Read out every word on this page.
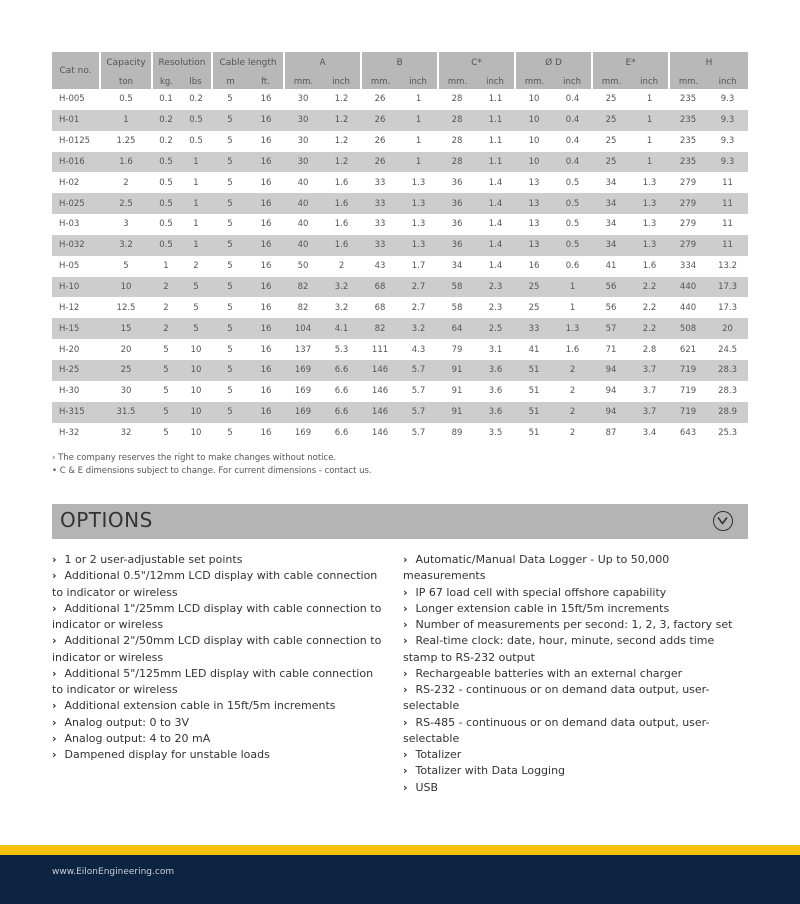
Cat no.	Capacity	Resolution		Cable length		A		B		C*		Ø D		E*		H	
	ton	kg.	lbs	m	ft.	mm.	inch	mm.	inch	mm.	inch	mm.	inch	mm.	inch	mm.	inch
H-005	0.5	0.1	0.2	5	16	30	1.2	26	1	28	1.1	10	0.4	25	1	235	9.3
H-01	1	0.2	0.5	5	16	30	1.2	26	1	28	1.1	10	0.4	25	1	235	9.3
H-0125	1.25	0.2	0.5	5	16	30	1.2	26	1	28	1.1	10	0.4	25	1	235	9.3
H-016	1.6	0.5	1	5	16	30	1.2	26	1	28	1.1	10	0.4	25	1	235	9.3
H-02	2	0.5	1	5	16	40	1.6	33	1.3	36	1.4	13	0.5	34	1.3	279	11
H-025	2.5	0.5	1	5	16	40	1.6	33	1.3	36	1.4	13	0.5	34	1.3	279	11
H-03	3	0.5	1	5	16	40	1.6	33	1.3	36	1.4	13	0.5	34	1.3	279	11
H-032	3.2	0.5	1	5	16	40	1.6	33	1.3	36	1.4	13	0.5	34	1.3	279	11
H-05	5	1	2	5	16	50	2	43	1.7	34	1.4	16	0.6	41	1.6	334	13.2
H-10	10	2	5	5	16	82	3.2	68	2.7	58	2.3	25	1	56	2.2	440	17.3
H-12	12.5	2	5	5	16	82	3.2	68	2.7	58	2.3	25	1	56	2.2	440	17.3
H-15	15	2	5	5	16	104	4.1	82	3.2	64	2.5	33	1.3	57	2.2	508	20
H-20	20	5	10	5	16	137	5.3	111	4.3	79	3.1	41	1.6	71	2.8	621	24.5
H-25	25	5	10	5	16	169	6.6	146	5.7	91	3.6	51	2	94	3.7	719	28.3
H-30	30	5	10	5	16	169	6.6	146	5.7	91	3.6	51	2	94	3.7	719	28.3
H-315	31.5	5	10	5	16	169	6.6	146	5.7	91	3.6	51	2	94	3.7	719	28.9
H-32	32	5	10	5	16	169	6.6	146	5.7	89	3.5	51	2	87	3.4	643	25.3

› The company reserves the right to make changes without notice.

• C & E dimensions subject to change. For current dimensions - contact us.

OPTIONS
› 1 or 2 user-adjustable set points
› Additional 0.5"/12mm LCD display with cable connection to indicator or wireless
› Additional 1"/25mm LCD display with cable connection to indicator or wireless
› Additional 2"/50mm LCD display with cable connection to indicator or wireless
› Additional 5"/125mm LED display with cable connection to indicator or wireless
› Additional extension cable in 15ft/5m increments
› Analog output: 0 to 3V
› Analog output: 4 to 20 mA
› Dampened display for unstable loads
› Automatic/Manual Data Logger - Up to 50,000 measurements
› IP 67 load cell with special offshore capability
› Longer extension cable in 15ft/5m increments
› Number of measurements per second: 1, 2, 3, factory set
› Real-time clock: date, hour, minute, second adds time stamp to RS-232 output
› Rechargeable batteries with an external charger
› RS-232 - continuous or on demand data output, user-selectable
› RS-485 - continuous or on demand data output, user-selectable
› Totalizer
› Totalizer with Data Logging
› USB
www.EilonEngineering.com
